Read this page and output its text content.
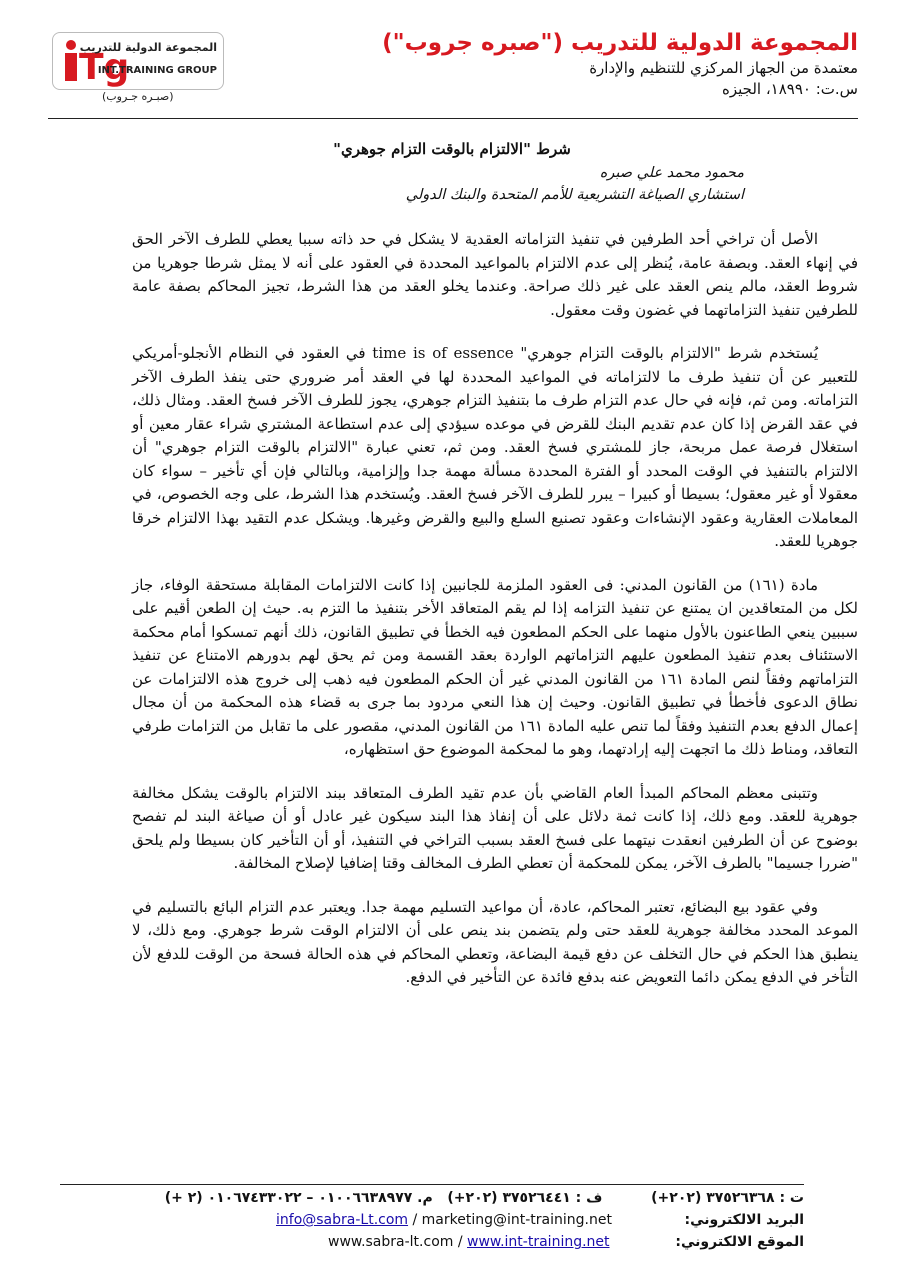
Tg
المجموعة الدولية للتدريب
INT.TRAINING GROUP
(صبـره جـروب)
المجموعة الدولية للتدريب ("صبره جروب")
معتمدة من الجهاز المركزي للتنظيم والإدارة
س.ت: ١٨٩٩٠، الجيزه
شرط "الالتزام بالوقت التزام جوهري"
محمود محمد علي صبره
استشاري الصياغة التشريعية للأمم المتحدة والبنك الدولي

الأصل أن تراخي أحد الطرفين في تنفيذ التزاماته العقدية لا يشكل في حد ذاته سببا يعطي للطرف الآخر الحق في إنهاء العقد. وبصفة عامة، يُنظر إلى عدم الالتزام بالمواعيد المحددة في العقود على أنه لا يمثل شرطا جوهريا من شروط العقد، مالم ينص العقد على غير ذلك صراحة. وعندما يخلو العقد من هذا الشرط، تجيز المحاكم بصفة عامة للطرفين تنفيذ التزاماتهما في غضون وقت معقول.

يُستخدم شرط "الالتزام بالوقت التزام جوهري" time is of essence في العقود في النظام الأنجلو-أمريكي للتعبير عن أن تنفيذ طرف ما لالتزاماته في المواعيد المحددة لها في العقد أمر ضروري حتى ينفذ الطرف الآخر التزاماته. ومن ثم، فإنه في حال عدم التزام طرف ما بتنفيذ التزام جوهري، يجوز للطرف الآخر فسخ العقد. ومثال ذلك، في عقد القرض إذا كان عدم تقديم البنك للقرض في موعده سيؤدي إلى عدم استطاعة المشتري شراء عقار معين أو استغلال فرصة عمل مربحة، جاز للمشتري فسخ العقد. ومن ثم، تعني عبارة "الالتزام بالوقت التزام جوهري" أن الالتزام بالتنفيذ في الوقت المحدد أو الفترة المحددة مسألة مهمة جدا وإلزامية، وبالتالي فإن أي تأخير – سواء كان معقولا أو غير معقول؛ بسيطا أو كبيرا – يبرر للطرف الآخر فسخ العقد. ويُستخدم هذا الشرط، على وجه الخصوص، في المعاملات العقارية وعقود الإنشاءات وعقود تصنيع السلع والبيع والقرض وغيرها. ويشكل عدم التقيد بهذا الالتزام خرقا جوهريا للعقد.

مادة (١٦١) من القانون المدني: فى العقود الملزمة للجانبين إذا كانت الالتزامات المقابلة مستحقة الوفاء، جاز لكل من المتعاقدين ان يمتنع عن تنفيذ التزامه إذا لم يقم المتعاقد الأخر بتنفيذ ما التزم به. حيث إن الطعن أقيم على سببين ينعي الطاعنون بالأول منهما على الحكم المطعون فيه الخطأ في تطبيق القانون، ذلك أنهم تمسكوا أمام محكمة الاستئناف بعدم تنفيذ المطعون عليهم التزاماتهم الواردة بعقد القسمة ومن ثم يحق لهم بدورهم الامتناع عن تنفيذ التزاماتهم وفقاً لنص المادة ١٦١ من القانون المدني غير أن الحكم المطعون فيه ذهب إلى خروج هذه الالتزامات عن نطاق الدعوى فأخطأ في تطبيق القانون. وحيث إن هذا النعي مردود بما جرى به قضاء هذه المحكمة من أن مجال إعمال الدفع بعدم التنفيذ وفقاً لما تنص عليه المادة ١٦١ من القانون المدني، مقصور على ما تقابل من التزامات طرفي التعاقد، ومناط ذلك ما اتجهت إليه إرادتهما، وهو ما لمحكمة الموضوع حق استظهاره،

وتتبنى معظم المحاكم المبدأ العام القاضي بأن عدم تقيد الطرف المتعاقد ببند الالتزام بالوقت يشكل مخالفة جوهرية للعقد. ومع ذلك، إذا كانت ثمة دلائل على أن إنفاذ هذا البند سيكون غير عادل أو أن صياغة البند لم تفصح بوضوح عن أن الطرفين انعقدت نيتهما على فسخ العقد بسبب التراخي في التنفيذ، أو أن التأخير كان بسيطا ولم يلحق "ضررا جسيما" بالطرف الآخر، يمكن للمحكمة أن تعطي الطرف المخالف وقتا إضافيا لإصلاح المخالفة.

وفي عقود بيع البضائع، تعتبر المحاكم، عادة، أن مواعيد التسليم مهمة جدا. ويعتبر عدم التزام البائع بالتسليم في الموعد المحدد مخالفة جوهرية للعقد حتى ولم يتضمن بند ينص على أن الالتزام الوقت شرط جوهري. ومع ذلك، لا ينطبق هذا الحكم في حال التخلف عن دفع قيمة البضاعة، وتعطي المحاكم في هذه الحالة فسحة من الوقت للدفع لأن التأخر في الدفع يمكن دائما التعويض عنه بدفع فائدة عن التأخير في الدفع.

ت : ٣٧٥٢٦٣٦٨ (٢٠٢+)          ف : ٣٧٥٢٦٤٤١ (٢٠٢+)   م. ٠١٠٠٦٦٣٨٩٧٧ – ٠١٠٦٧٤٣٣٠٢٢ (٢ +)
البريد الالكتروني:
info@sabra-Lt.com / marketing@int-training.net
الموقع الالكتروني:
www.sabra-lt.com / www.int-training.net
